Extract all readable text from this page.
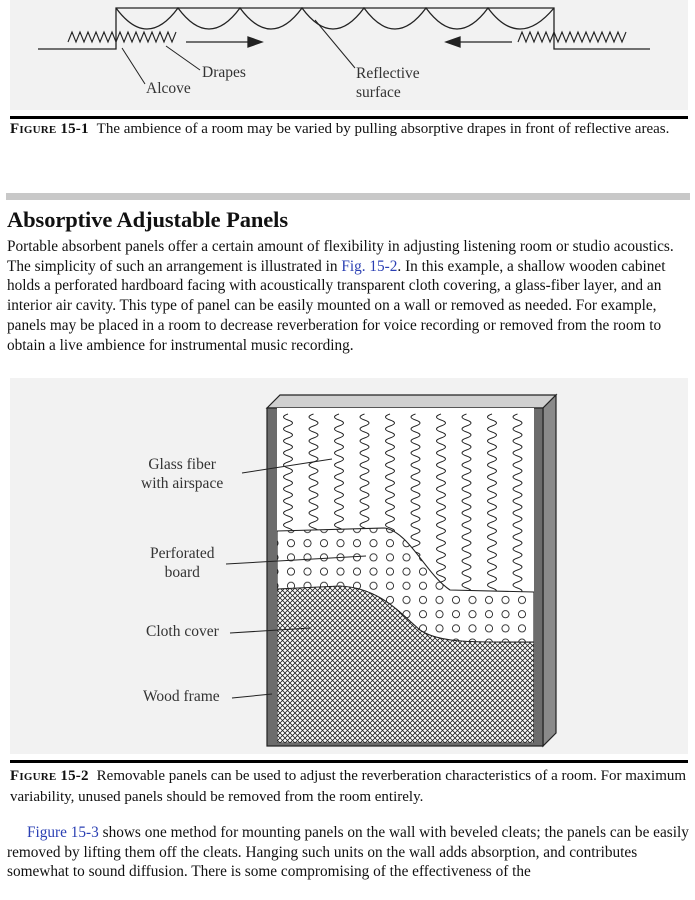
Alcove
Drapes	Reflective
surface
Figure 15-1 The ambience of a room may be varied by pulling absorptive drapes in front of reflective areas.
Absorptive Adjustable Panels

Portable absorbent panels offer a certain amount of flexibility in adjusting listening room or studio acoustics. The simplicity of such an arrangement is illustrated in Fig. 15-2. In this example, a shallow wooden cabinet holds a perforated hardboard facing with acoustically transparent cloth covering, a glass-fiber layer, and an interior air cavity. This type of panel can be easily mounted on a wall or removed as needed. For example, panels may be placed in a room to decrease reverberation for voice recording or removed from the room to obtain a live ambience for instrumental music recording.

Glass fiber
with airspace
Perforated
board
Cloth cover
Wood frame
Figure 15-2 Removable panels can be used to adjust the reverberation characteristics of a room. For maximum variability, unused panels should be removed from the room entirely.

Figure 15-3 shows one method for mounting panels on the wall with beveled cleats; the panels can be easily removed by lifting them off the cleats. Hanging such units on the wall adds absorption, and contributes somewhat to sound diffusion. There is some compromising of the effectiveness of the
